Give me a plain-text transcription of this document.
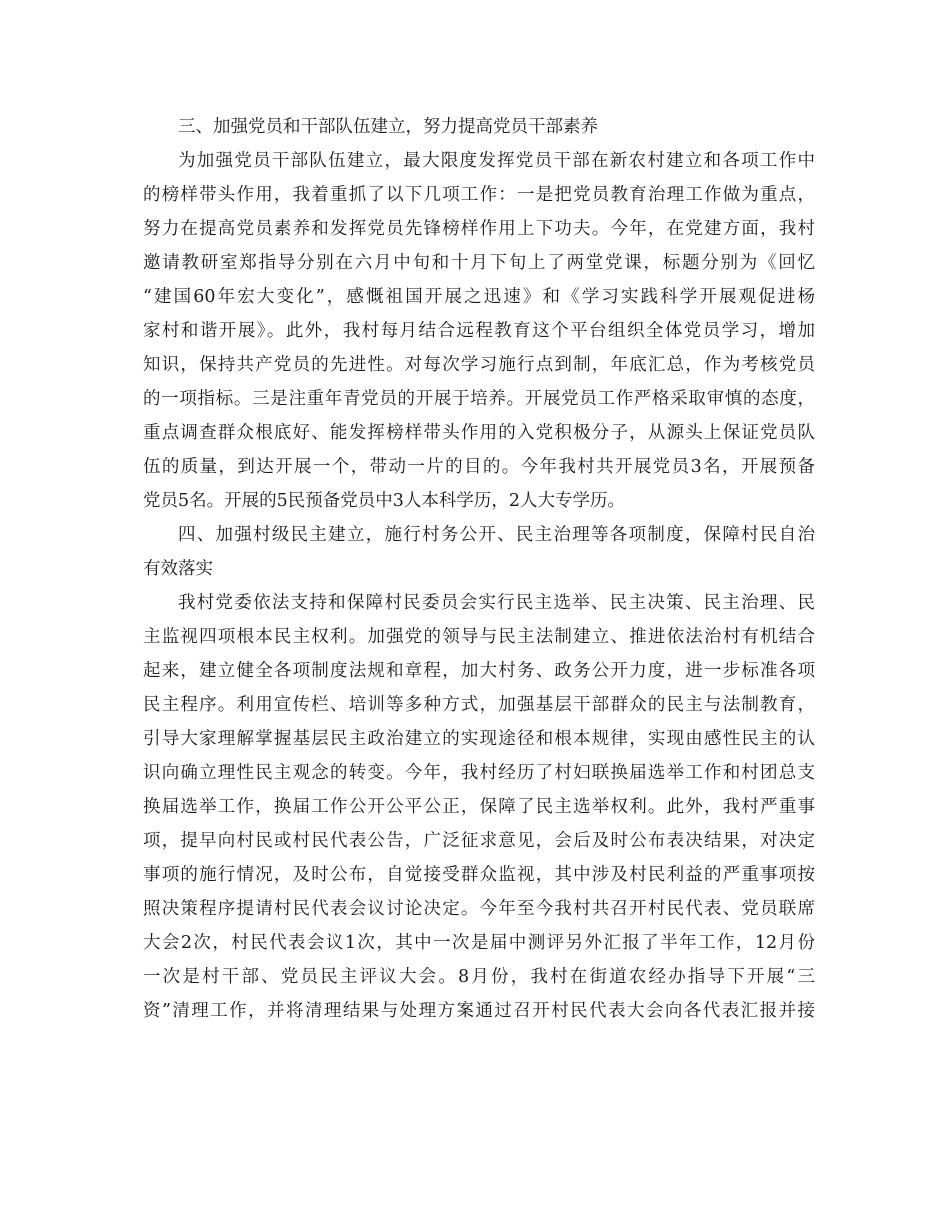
三、加强党员和干部队伍建立，努力提高党员干部素养
为加强党员干部队伍建立，最大限度发挥党员干部在新农村建立和各项工作中
的榜样带头作用，我着重抓了以下几项工作：一是把党员教育治理工作做为重点，
努力在提高党员素养和发挥党员先锋榜样作用上下功夫。今年，在党建方面，我村
邀请教研室郑指导分别在六月中旬和十月下旬上了两堂党课，标题分别为《回忆
“建国60年宏大变化”，感慨祖国开展之迅速》和《学习实践科学开展观促进杨
家村和谐开展》。此外，我村每月结合远程教育这个平台组织全体党员学习，增加
知识，保持共产党员的先进性。对每次学习施行点到制，年底汇总，作为考核党员
的一项指标。三是注重年青党员的开展于培养。开展党员工作严格采取审慎的态度，
重点调查群众根底好、能发挥榜样带头作用的入党积极分子，从源头上保证党员队
伍的质量，到达开展一个，带动一片的目的。今年我村共开展党员3名，开展预备
党员5名。开展的5民预备党员中3人本科学历，2人大专学历。
四、加强村级民主建立，施行村务公开、民主治理等各项制度，保障村民自治
有效落实
我村党委依法支持和保障村民委员会实行民主选举、民主决策、民主治理、民
主监视四项根本民主权利。加强党的领导与民主法制建立、推进依法治村有机结合
起来，建立健全各项制度法规和章程，加大村务、政务公开力度，进一步标准各项
民主程序。利用宣传栏、培训等多种方式，加强基层干部群众的民主与法制教育，
引导大家理解掌握基层民主政治建立的实现途径和根本规律，实现由感性民主的认
识向确立理性民主观念的转变。今年，我村经历了村妇联换届选举工作和村团总支
换届选举工作，换届工作公开公平公正，保障了民主选举权利。此外，我村严重事
项，提早向村民或村民代表公告，广泛征求意见，会后及时公布表决结果，对决定
事项的施行情况，及时公布，自觉接受群众监视，其中涉及村民利益的严重事项按
照决策程序提请村民代表会议讨论决定。今年至今我村共召开村民代表、党员联席
大会2次，村民代表会议1次，其中一次是届中测评另外汇报了半年工作，12月份
一次是村干部、党员民主评议大会。8月份，我村在街道农经办指导下开展“三
资”清理工作，并将清理结果与处理方案通过召开村民代表大会向各代表汇报并接
